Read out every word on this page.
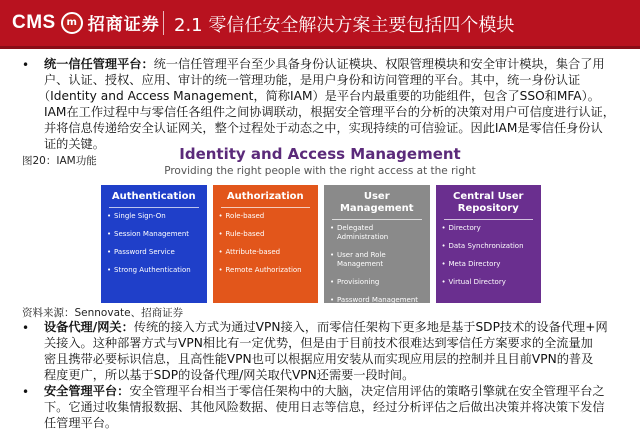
CMS	m 招商证券 2.1 零信任安全解决方案主要包括四个模块
• 统一信任管理平台：统一信任管理平台至少具备身份认证模块、权限管理模块和安全审计模块，集合了用
户、认证、授权、应用、审计的统一管理功能，是用户身份和访问管理的平台。其中，统一身份认证
（Identity and Access Management，简称IAM）是平台内最重要的功能组件，包含了SSO和MFA）。
IAM在工作过程中与零信任各组件之间协调联动，根据安全管理平台的分析的决策对用户可信度进行认证，
并将信息传递给安全认证网关，整个过程处于动态之中，实现持续的可信验证。因此IAM是零信任身份认
证的关键。
图20：IAM功能	Identity and Access Management
Providing the right people with the right access at the right
Authentication
• Single Sign-On
• Session Management
• Password Service
• Strong Authentication
Authorization
• Role-based
• Rule-based
• Attribute-based
• Remote Authorization
User Management
• Delegated Administration
• User and Role Management
• Provisioning
• Password Management
• Self-service
Central User Repository
• Directory
• Data Synchronization
• Meta Directory
• Virtual Directory
资料来源：Sennovate、招商证券
• 设备代理/网关：传统的接入方式为通过VPN接入，而零信任架构下更多地是基于SDP技术的设备代理+网
关接入。这种部署方式与VPN相比有一定优势，但是由于目前技术很难达到零信任方案要求的全流量加
密且携带必要标识信息，且高性能VPN也可以根据应用安装从而实现应用层的控制并且目前VPN的普及
程度更广，所以基于SDP的设备代理/网关取代VPN还需要一段时间。
• 安全管理平台：安全管理平台相当于零信任架构中的大脑，决定信用评估的策略引擎就在安全管理平台之
下。它通过收集情报数据、其他风险数据、使用日志等信息，经过分析评估之后做出决策并将决策下发信
任管理平台。
